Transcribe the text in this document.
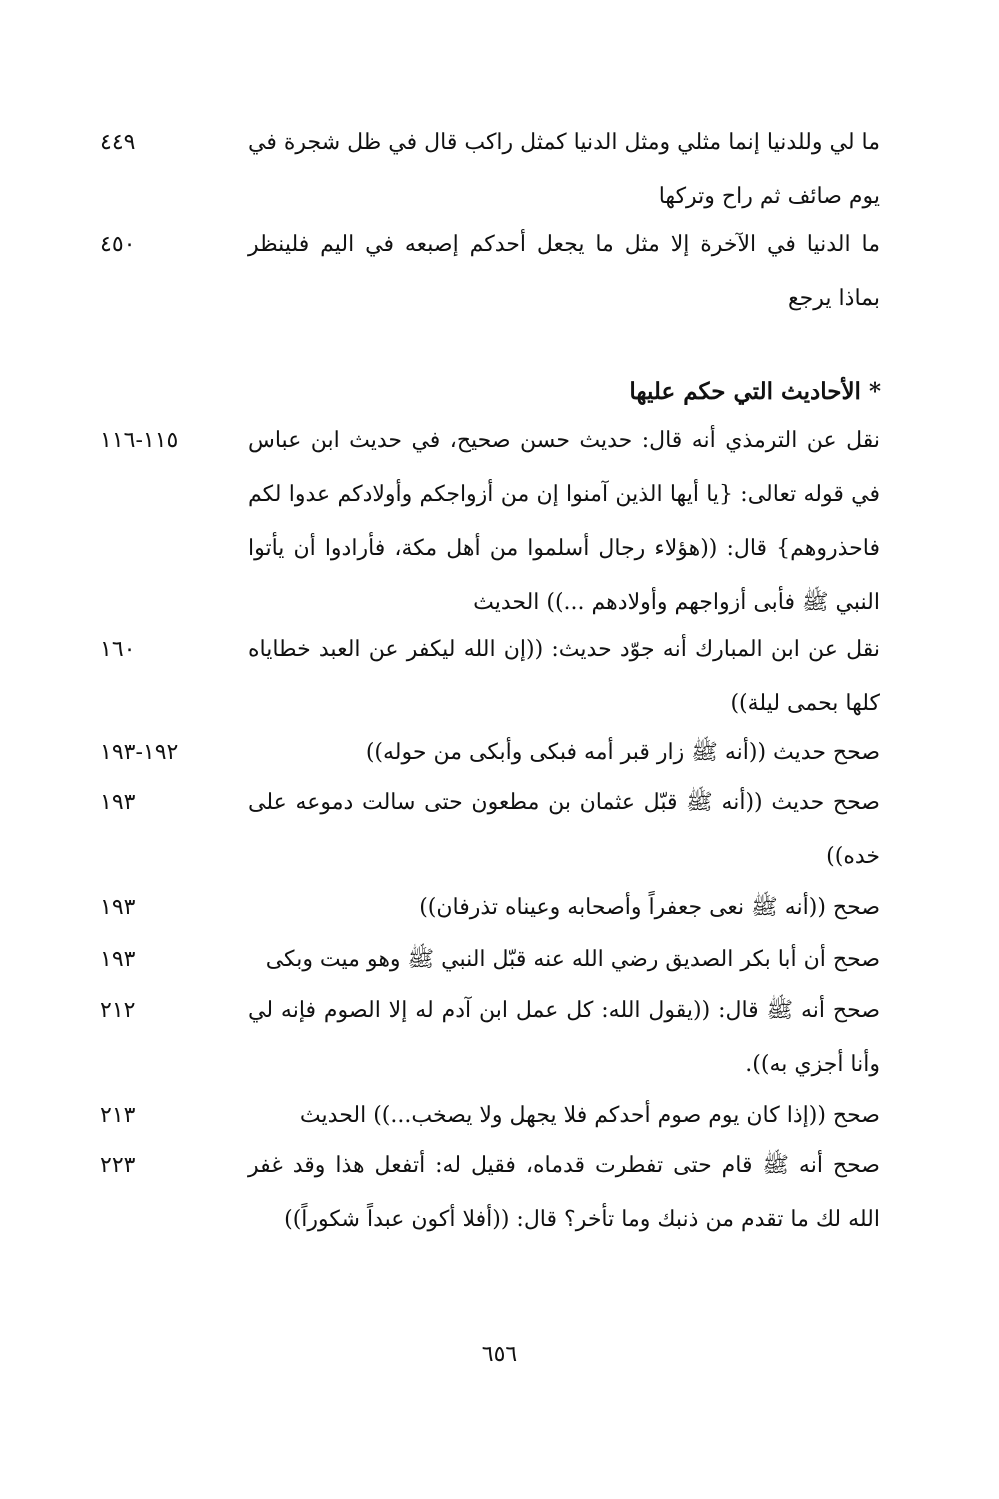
ما لي وللدنيا إنما مثلي ومثل الدنيا كمثل راكب قال في ظل شجرة في يوم صائف ثم راح وتركها
٤٤٩
ما الدنيا في الآخرة إلا مثل ما يجعل أحدكم إصبعه في اليم فلينظر بماذا يرجع
٤٥٠
* الأحاديث التي حكم عليها
نقل عن الترمذي أنه قال: حديث حسن صحيح، في حديث ابن عباس في قوله تعالى: {يا أيها الذين آمنوا إن من أزواجكم وأولادكم عدوا لكم فاحذروهم} قال: ((هؤلاء رجال أسلموا من أهل مكة، فأرادوا أن يأتوا النبي ﷺ فأبى أزواجهم وأولادهم ...)) الحديث
١١٥-١١٦
نقل عن ابن المبارك أنه جوّد حديث: ((إن الله ليكفر عن العبد خطاياه كلها بحمى ليلة))
١٦٠
صحح حديث ((أنه ﷺ زار قبر أمه فبكى وأبكى من حوله))
١٩٢-١٩٣
صحح حديث ((أنه ﷺ قبّل عثمان بن مطعون حتى سالت دموعه على خده))
١٩٣
صحح ((أنه ﷺ نعى جعفراً وأصحابه وعيناه تذرفان))
١٩٣
صحح أن أبا بكر الصديق رضي الله عنه قبّل النبي ﷺ وهو ميت وبكى
١٩٣
صحح أنه ﷺ قال: ((يقول الله: كل عمل ابن آدم له إلا الصوم فإنه لي وأنا أجزي به)).
٢١٢
صحح ((إذا كان يوم صوم أحدكم فلا يجهل ولا يصخب...)) الحديث
٢١٣
صحح أنه ﷺ قام حتى تفطرت قدماه، فقيل له: أتفعل هذا وقد غفر الله لك ما تقدم من ذنبك وما تأخر؟ قال: ((أفلا أكون عبداً شكوراً))
٢٢٣
٦٥٦
